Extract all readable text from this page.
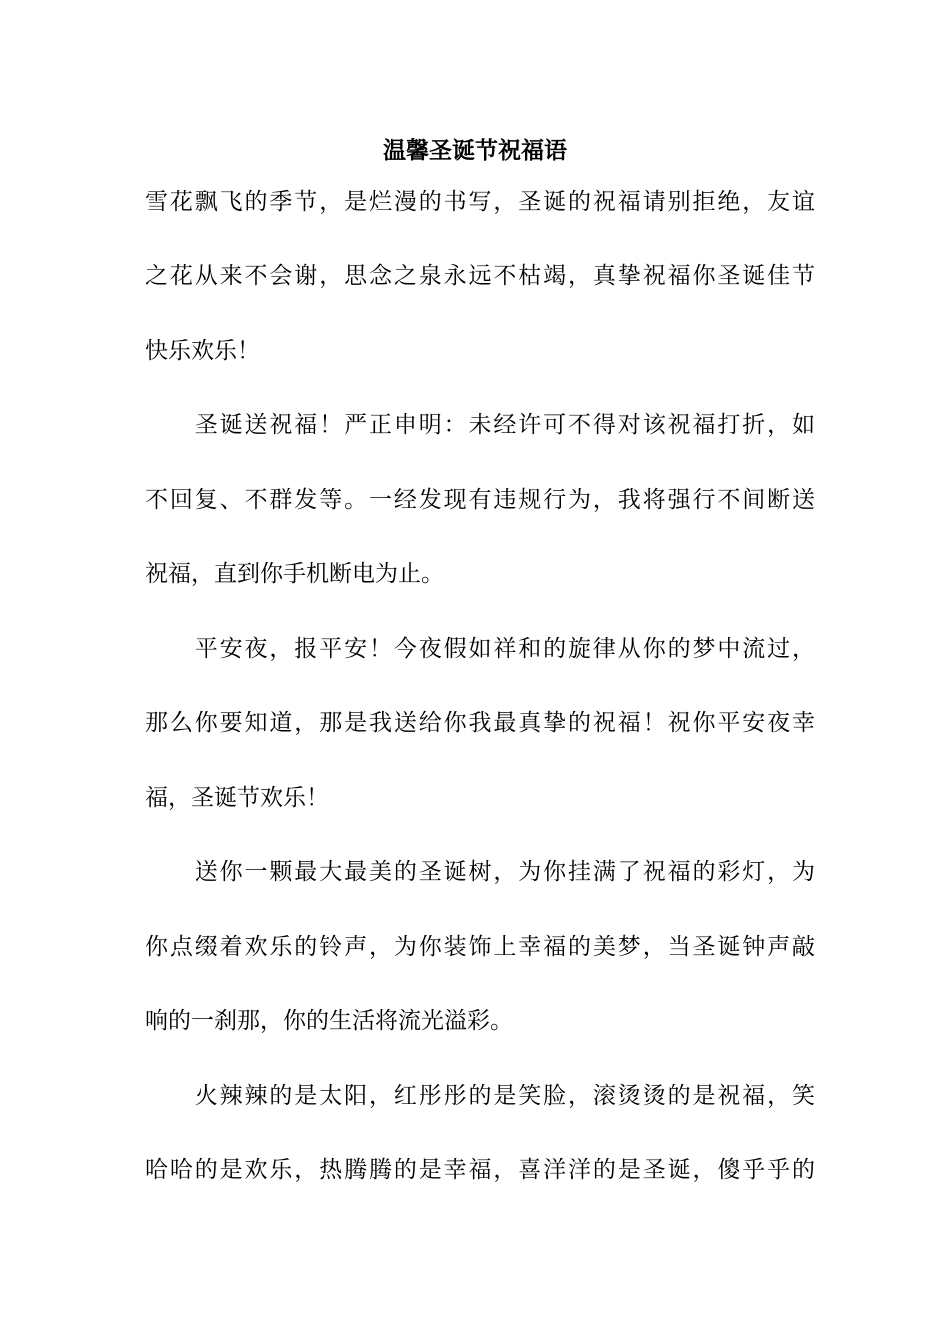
温馨圣诞节祝福语
雪花飘飞的季节，是烂漫的书写，圣诞的祝福请别拒绝，友谊
之花从来不会谢，思念之泉永远不枯竭，真挚祝福你圣诞佳节
快乐欢乐！
　　圣诞送祝福！严正申明：未经许可不得对该祝福打折，如
不回复、不群发等。一经发现有违规行为，我将强行不间断送
祝福，直到你手机断电为止。
　　平安夜，报平安！今夜假如祥和的旋律从你的梦中流过，
那么你要知道，那是我送给你我最真挚的祝福！祝你平安夜幸
福，圣诞节欢乐！
　　送你一颗最大最美的圣诞树，为你挂满了祝福的彩灯，为
你点缀着欢乐的铃声，为你装饰上幸福的美梦，当圣诞钟声敲
响的一刹那，你的生活将流光溢彩。
　　火辣辣的是太阳，红彤彤的是笑脸，滚烫烫的是祝福，笑
哈哈的是欢乐，热腾腾的是幸福，喜洋洋的是圣诞，傻乎乎的
